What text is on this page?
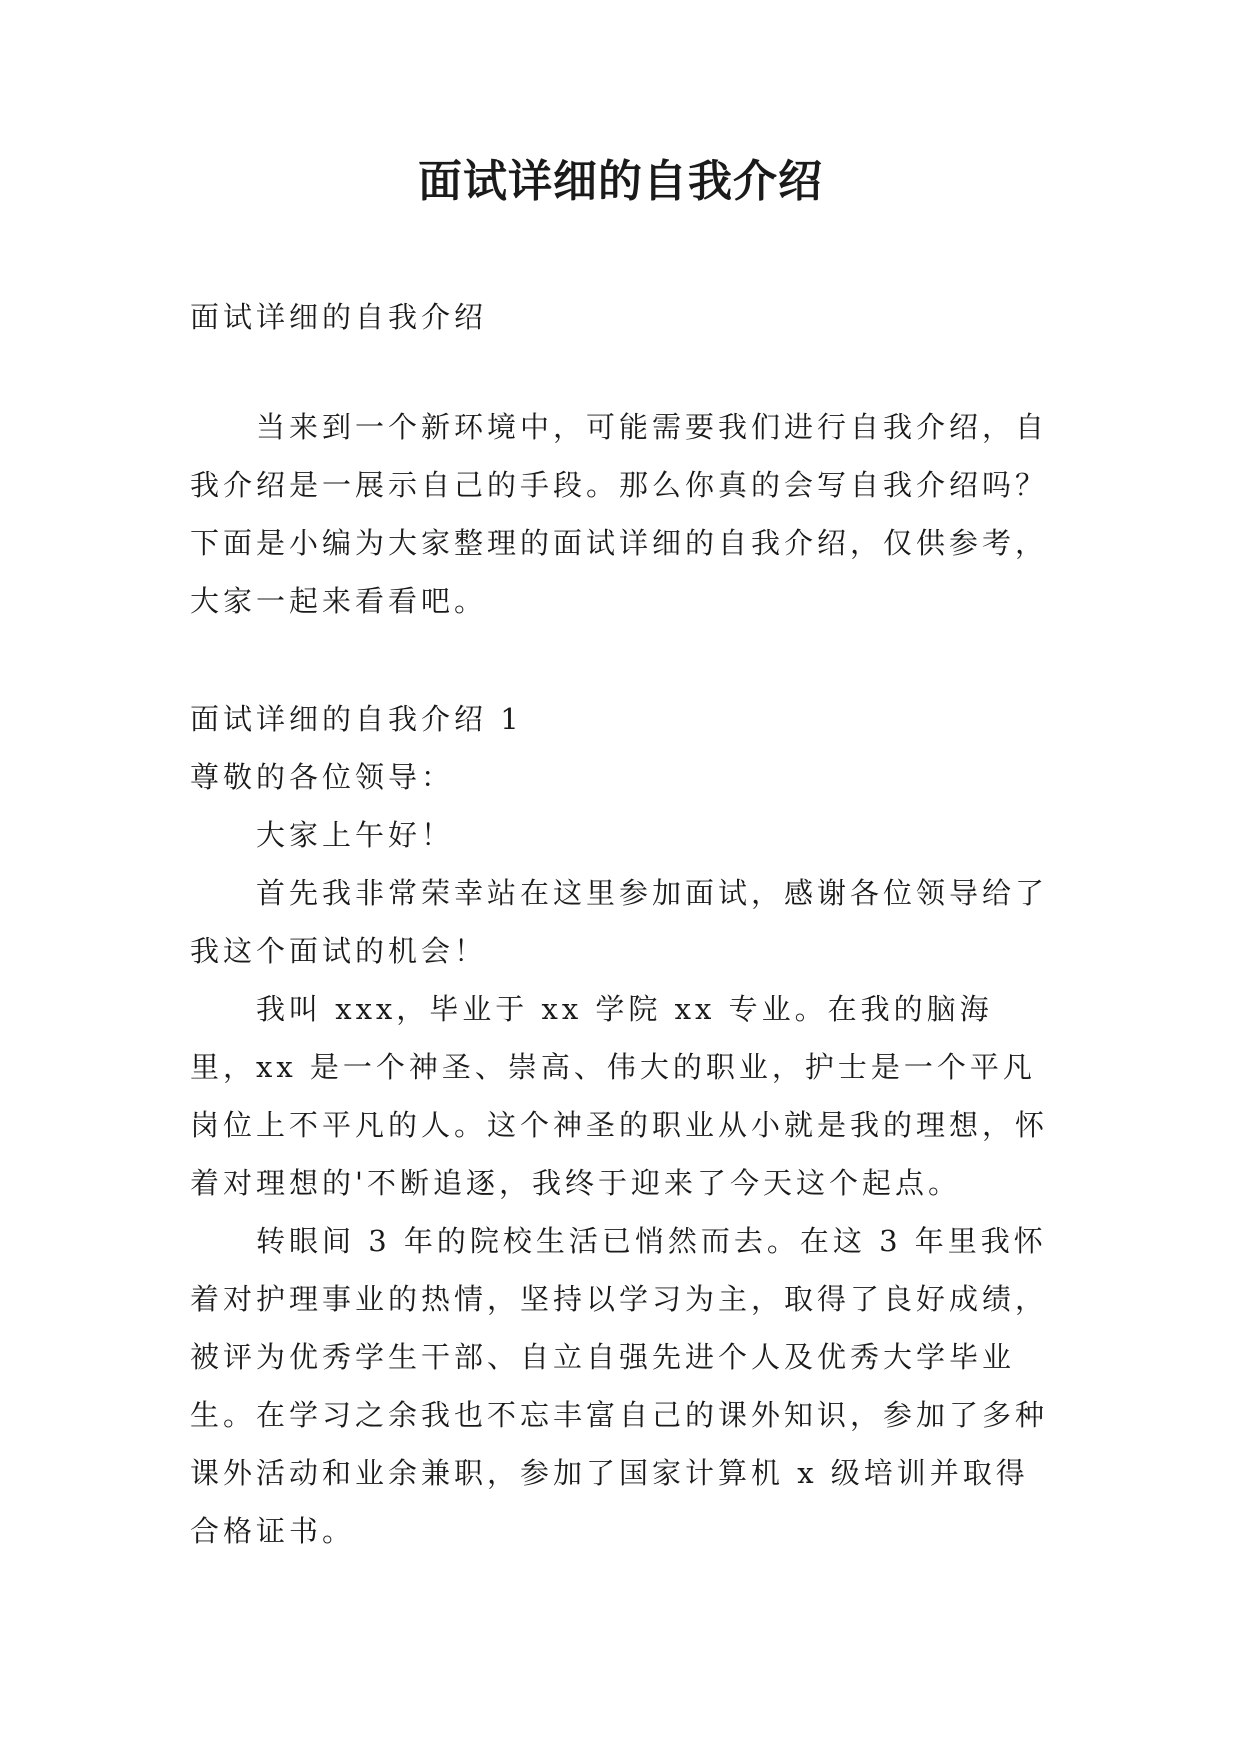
面试详细的自我介绍

面试详细的自我介绍

当来到一个新环境中，可能需要我们进行自我介绍，自我介绍是一展示自己的手段。那么你真的会写自我介绍吗？下面是小编为大家整理的面试详细的自我介绍，仅供参考，大家一起来看看吧。

面试详细的自我介绍 1

尊敬的各位领导：

大家上午好！

首先我非常荣幸站在这里参加面试，感谢各位领导给了我这个面试的机会！

我叫 xxx，毕业于 xx 学院 xx 专业。在我的脑海里，xx 是一个神圣、崇高、伟大的职业，护士是一个平凡岗位上不平凡的人。这个神圣的职业从小就是我的理想，怀着对理想的'不断追逐，我终于迎来了今天这个起点。

转眼间 3 年的院校生活已悄然而去。在这 3 年里我怀着对护理事业的热情，坚持以学习为主，取得了良好成绩，被评为优秀学生干部、自立自强先进个人及优秀大学毕业生。在学习之余我也不忘丰富自己的课外知识，参加了多种课外活动和业余兼职，参加了国家计算机 x 级培训并取得合格证书。
